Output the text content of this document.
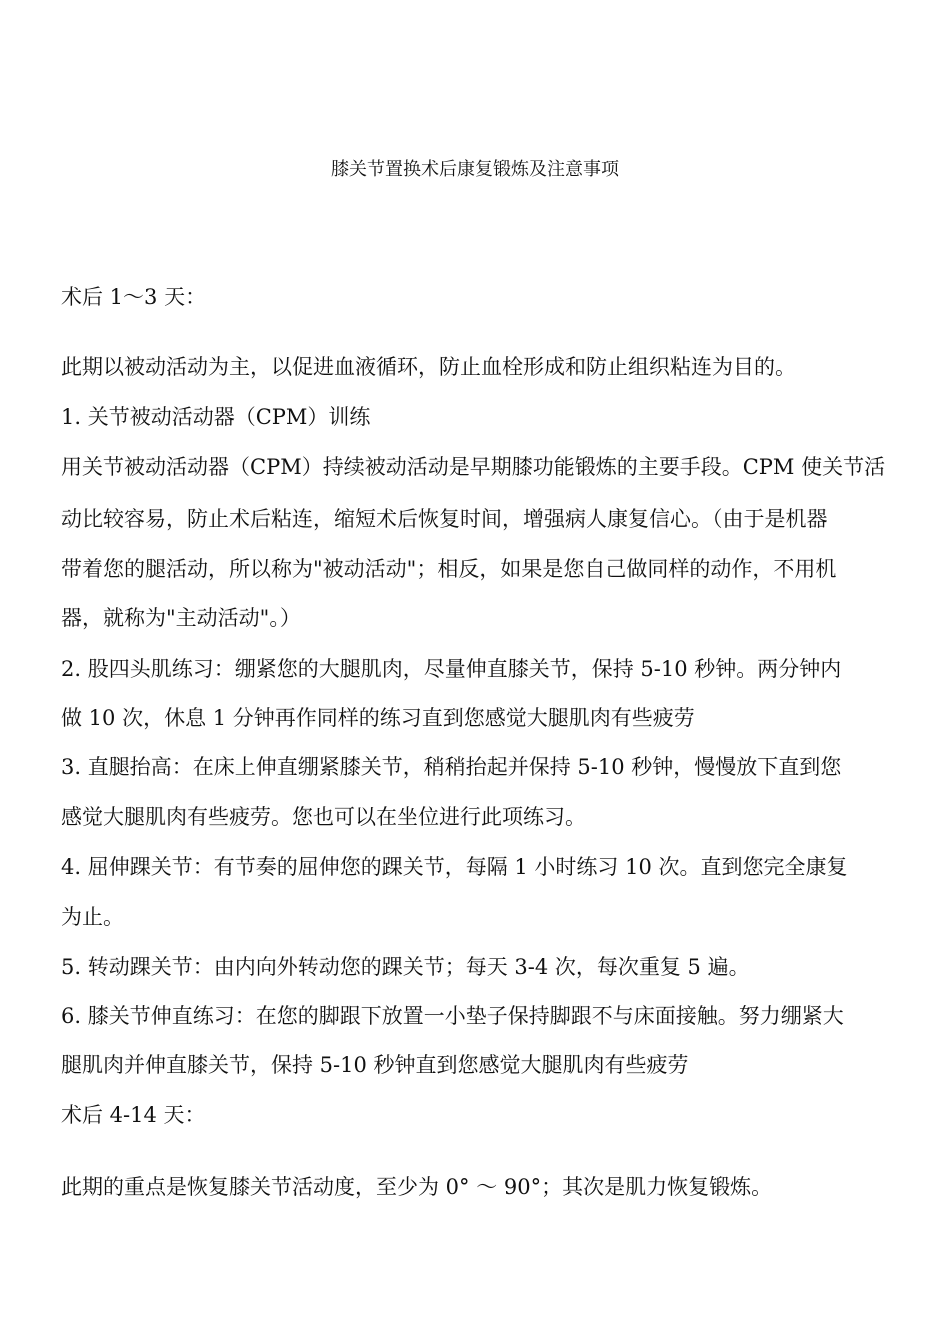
膝关节置换术后康复锻炼及注意事项
术后 1～3 天：
此期以被动活动为主，以促进血液循环，防止血栓形成和防止组织粘连为目的。
1. 关节被动活动器（CPM）训练
用关节被动活动器（CPM）持续被动活动是早期膝功能锻炼的主要手段。CPM 使关节活
动比较容易，防止术后粘连，缩短术后恢复时间，增强病人康复信心。（由于是机器
带着您的腿活动，所以称为"被动活动"；相反，如果是您自己做同样的动作，不用机
器，就称为"主动活动"。）
2. 股四头肌练习：绷紧您的大腿肌肉，尽量伸直膝关节，保持 5-10 秒钟。两分钟内
做 10 次，休息 1 分钟再作同样的练习直到您感觉大腿肌肉有些疲劳
3. 直腿抬高：在床上伸直绷紧膝关节，稍稍抬起并保持 5-10 秒钟，慢慢放下直到您
感觉大腿肌肉有些疲劳。您也可以在坐位进行此项练习。
4. 屈伸踝关节：有节奏的屈伸您的踝关节，每隔 1 小时练习 10 次。直到您完全康复
为止。
5. 转动踝关节：由内向外转动您的踝关节；每天 3-4 次，每次重复 5 遍。
6. 膝关节伸直练习：在您的脚跟下放置一小垫子保持脚跟不与床面接触。努力绷紧大
腿肌肉并伸直膝关节，保持 5-10 秒钟直到您感觉大腿肌肉有些疲劳
术后 4-14 天：
此期的重点是恢复膝关节活动度，至少为 0° ～ 90°；其次是肌力恢复锻炼。
